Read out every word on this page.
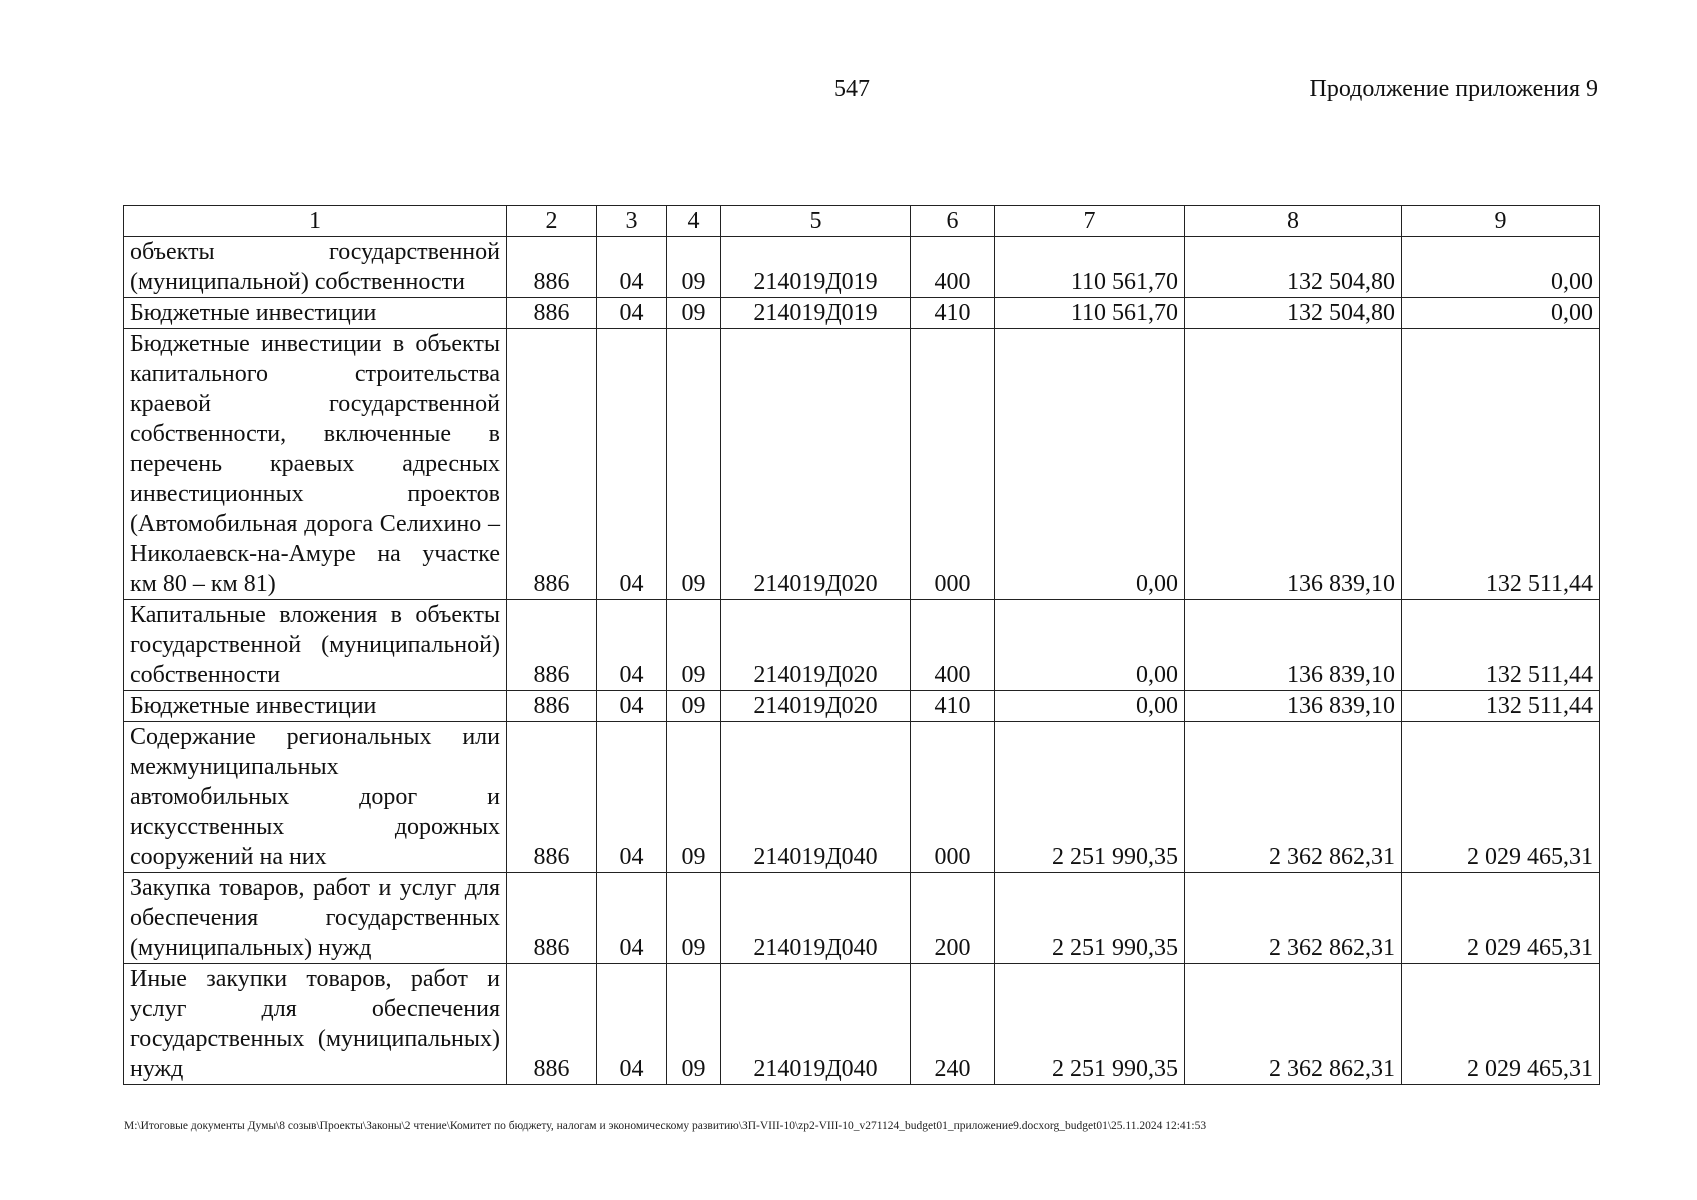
547	Продолжение приложения 9
1	2	3	4	5	6	7	8	9
объекты государственной (муниципальной) собственности	886	04	09	214019Д019	400	110 561,70	132 504,80	0,00
Бюджетные инвестиции	886	04	09	214019Д019	410	110 561,70	132 504,80	0,00
Бюджетные инвестиции в объекты капитального строительства краевой государственной собственности, включенные в перечень краевых адресных инвестиционных проектов (Автомобильная дорога Селихино – Николаевск-на-Амуре на участке км 80 – км 81)	886	04	09	214019Д020	000	0,00	136 839,10	132 511,44
Капитальные вложения в объекты государственной (муниципальной) собственности	886	04	09	214019Д020	400	0,00	136 839,10	132 511,44
Бюджетные инвестиции	886	04	09	214019Д020	410	0,00	136 839,10	132 511,44
Содержание региональных или межмуниципальных автомобильных дорог и искусственных дорожных сооружений на них	886	04	09	214019Д040	000	2 251 990,35	2 362 862,31	2 029 465,31
Закупка товаров, работ и услуг для обеспечения государственных (муниципальных) нужд	886	04	09	214019Д040	200	2 251 990,35	2 362 862,31	2 029 465,31
Иные закупки товаров, работ и услуг для обеспечения государственных (муниципальных) нужд	886	04	09	214019Д040	240	2 251 990,35	2 362 862,31	2 029 465,31
M:\Итоговые документы Думы\8 созыв\Проекты\Законы\2 чтение\Комитет по бюджету, налогам и экономическому развитию\ЗП-VIII-10\zp2-VIII-10_v271124_budget01_приложение9.docxorg_budget01\25.11.2024 12:41:53
